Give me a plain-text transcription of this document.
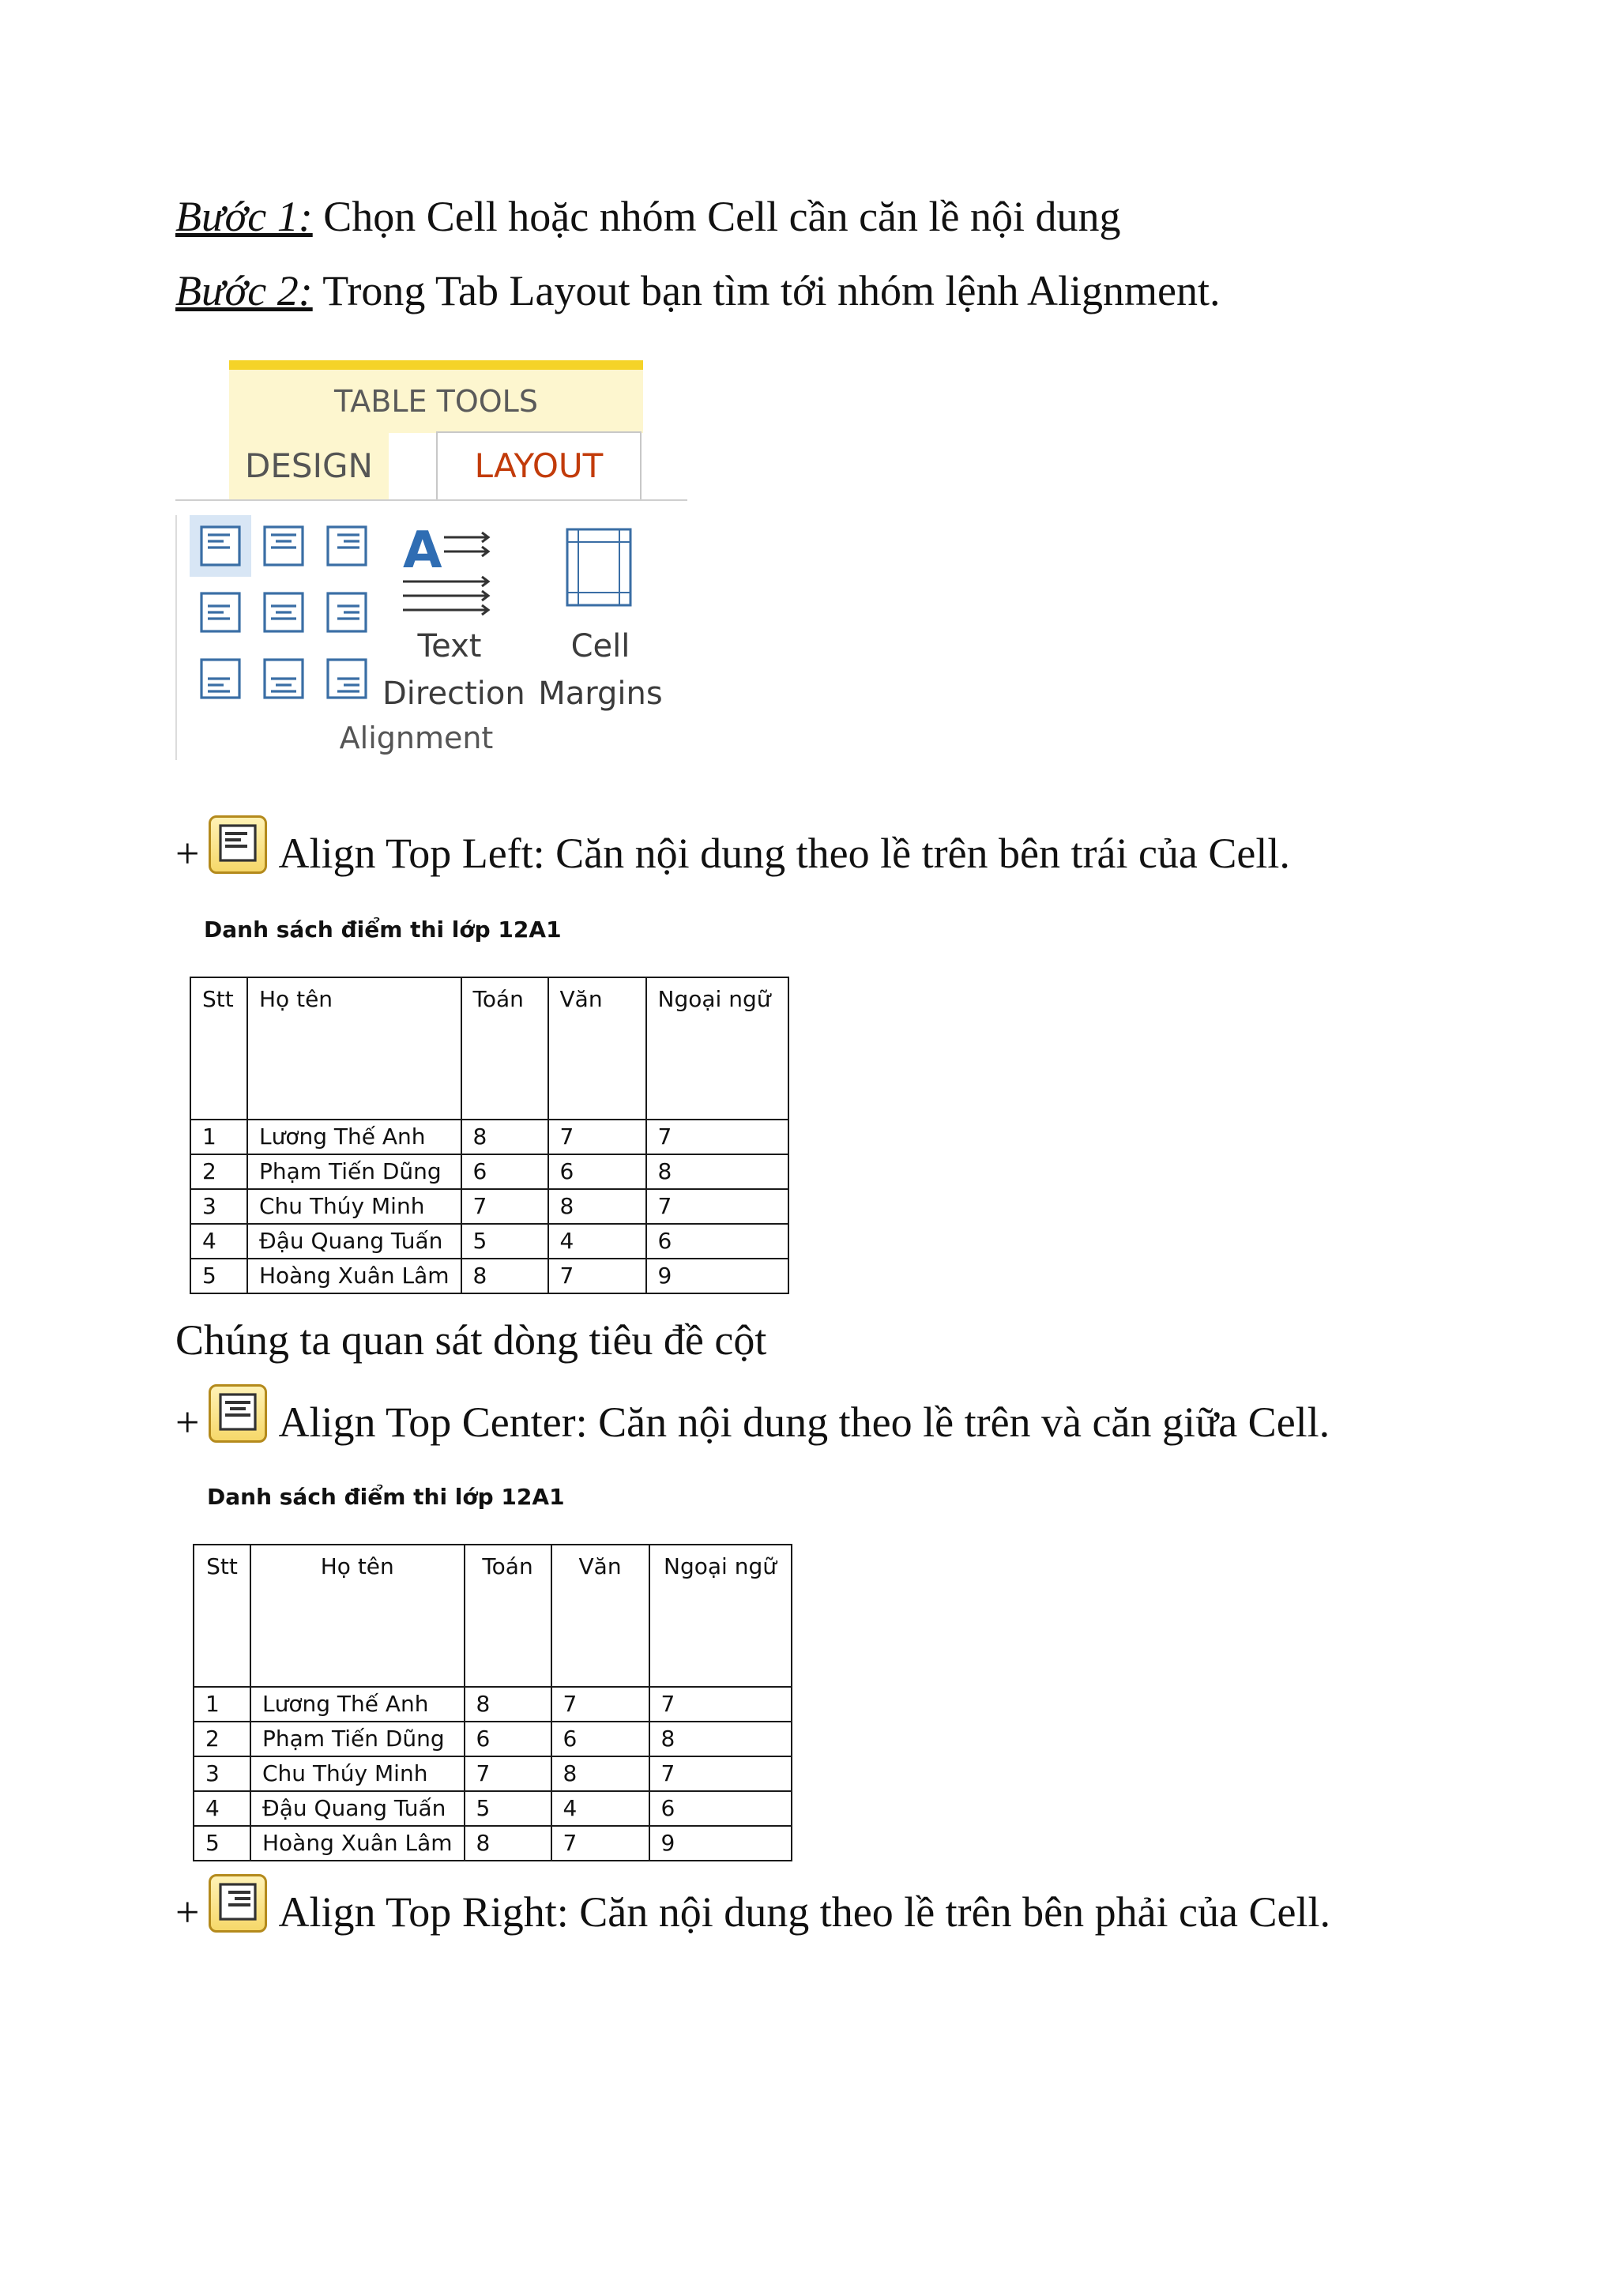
Bước 1: Chọn Cell hoặc nhóm Cell cần căn lề nội dung
Bước 2: Trong Tab Layout bạn tìm tới nhóm lệnh Alignment.
TABLE TOOLS
DESIGN	LAYOUT
A
Text
Direction
Cell
Margins
Alignment
+ Align Top Left: Căn nội dung theo lề trên bên trái của Cell.
Danh sách điểm thi lớp 12A1
Stt	Họ tên	Toán	Văn	Ngoại ngữ
1	Lương Thế Anh	8	7	7
2	Phạm Tiến Dũng	6	6	8
3	Chu Thúy Minh	7	8	7
4	Đậu Quang Tuấn	5	4	6
5	Hoàng Xuân Lâm	8	7	9
Chúng ta quan sát dòng tiêu đề cột
+ Align Top Center: Căn nội dung theo lề trên và căn giữa Cell.
Danh sách điểm thi lớp 12A1
Stt	Họ tên	Toán	Văn	Ngoại ngữ
1	Lương Thế Anh	8	7	7
2	Phạm Tiến Dũng	6	6	8
3	Chu Thúy Minh	7	8	7
4	Đậu Quang Tuấn	5	4	6
5	Hoàng Xuân Lâm	8	7	9
+ Align Top Right: Căn nội dung theo lề trên bên phải của Cell.
